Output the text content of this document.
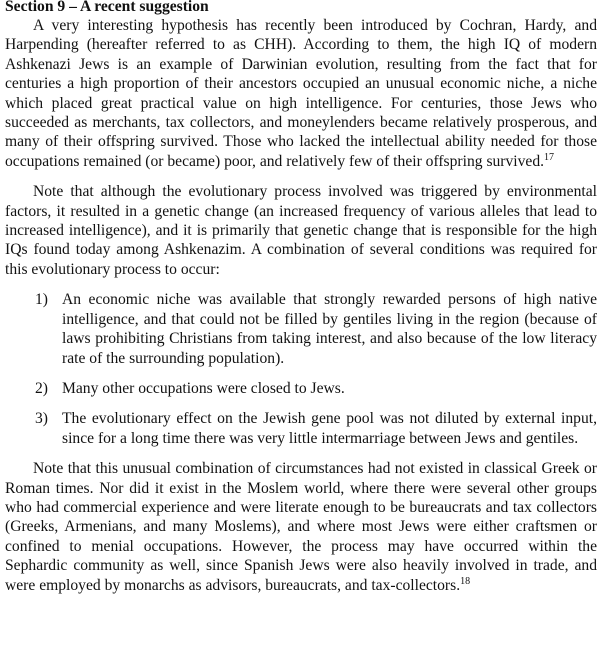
Section 9 – A recent suggestion

A very interesting hypothesis has recently been introduced by Cochran, Hardy, and Harpending (hereafter referred to as CHH). According to them, the high IQ of modern Ashkenazi Jews is an example of Darwinian evolution, resulting from the fact that for centuries a high proportion of their ancestors occupied an unusual economic niche, a niche which placed great practical value on high intelligence. For centuries, those Jews who succeeded as merchants, tax collectors, and moneylenders became relatively prosperous, and many of their offspring survived. Those who lacked the intellectual ability needed for those occupations remained (or became) poor, and relatively few of their offspring survived.$^{17}$

Note that although the evolutionary process involved was triggered by environmental factors, it resulted in a genetic change (an increased frequency of various alleles that lead to increased intelligence), and it is primarily that genetic change that is responsible for the high IQs found today among Ashkenazim. A combination of several conditions was required for this evolutionary process to occur:

1) An economic niche was available that strongly rewarded persons of high native intelligence, and that could not be filled by gentiles living in the region (because of laws prohibiting Christians from taking interest, and also because of the low literacy rate of the surrounding population).
2) Many other occupations were closed to Jews.
3) The evolutionary effect on the Jewish gene pool was not diluted by external input, since for a long time there was very little intermarriage between Jews and gentiles.

Note that this unusual combination of circumstances had not existed in classical Greek or Roman times. Nor did it exist in the Moslem world, where there were several other groups who had commercial experience and were literate enough to be bureaucrats and tax collectors (Greeks, Armenians, and many Moslems), and where most Jews were either craftsmen or confined to menial occupations. However, the process may have occurred within the Sephardic community as well, since Spanish Jews were also heavily involved in trade, and were employed by monarchs as advisors, bureaucrats, and tax-collectors.$^{18}$
